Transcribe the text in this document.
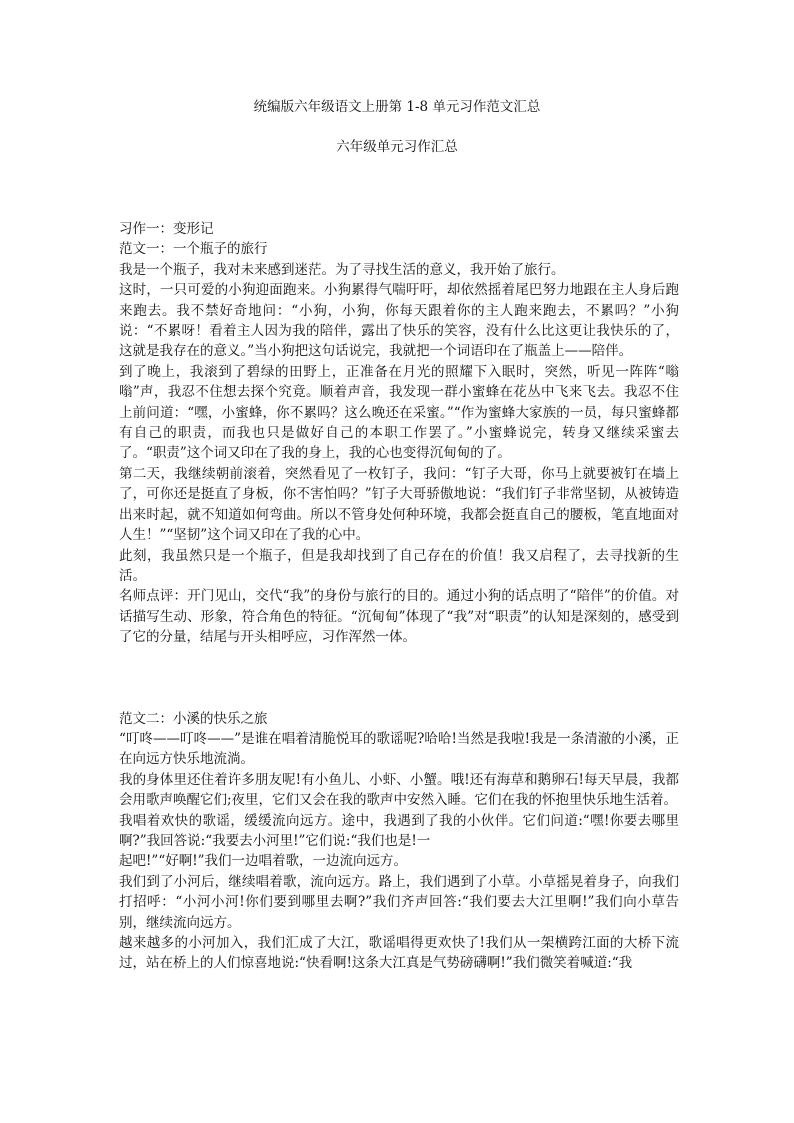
统编版六年级语文上册第 1-8 单元习作范文汇总
六年级单元习作汇总

习作一：变形记

范文一：一个瓶子的旅行

我是一个瓶子，我对未来感到迷茫。为了寻找生活的意义，我开始了旅行。

这时，一只可爱的小狗迎面跑来。小狗累得气喘吁吁，却依然摇着尾巴努力地跟在主人身后跑来跑去。我不禁好奇地问：“小狗，小狗，你每天跟着你的主人跑来跑去，不累吗？”小狗说：“不累呀！看着主人因为我的陪伴，露出了快乐的笑容，没有什么比这更让我快乐的了，这就是我存在的意义。”当小狗把这句话说完，我就把一个词语印在了瓶盖上——陪伴。

到了晚上，我滚到了碧绿的田野上，正准备在月光的照耀下入眠时，突然，听见一阵阵“嗡嗡”声，我忍不住想去探个究竟。顺着声音，我发现一群小蜜蜂在花丛中飞来飞去。我忍不住上前问道：“嘿，小蜜蜂，你不累吗？这么晚还在采蜜。”“作为蜜蜂大家族的一员，每只蜜蜂都有自己的职责，而我也只是做好自己的本职工作罢了。”小蜜蜂说完，转身又继续采蜜去了。“职责”这个词又印在了我的身上，我的心也变得沉甸甸的了。

第二天，我继续朝前滚着，突然看见了一枚钉子，我问：“钉子大哥，你马上就要被钉在墙上了，可你还是挺直了身板，你不害怕吗？”钉子大哥骄傲地说：“我们钉子非常坚韧，从被铸造出来时起，就不知道如何弯曲。所以不管身处何种环境，我都会挺直自己的腰板，笔直地面对人生！”“坚韧”这个词又印在了我的心中。

此刻，我虽然只是一个瓶子，但是我却找到了自己存在的价值！我又启程了，去寻找新的生活。

名师点评：开门见山，交代“我”的身份与旅行的目的。通过小狗的话点明了“陪伴”的价值。对话描写生动、形象，符合角色的特征。“沉甸甸”体现了“我”对“职责”的认知是深刻的，感受到了它的分量，结尾与开头相呼应，习作浑然一体。

范文二：小溪的快乐之旅

“叮咚——叮咚——”是谁在唱着清脆悦耳的歌谣呢?哈哈!当然是我啦!我是一条清澈的小溪，正在向远方快乐地流淌。

我的身体里还住着许多朋友呢!有小鱼儿、小虾、小蟹。哦!还有海草和鹅卵石!每天早晨，我都会用歌声唤醒它们;夜里，它们又会在我的歌声中安然入睡。它们在我的怀抱里快乐地生活着。

我唱着欢快的歌谣，缓缓流向远方。途中，我遇到了我的小伙伴。它们问道:“嘿!你要去哪里啊?”我回答说:“我要去小河里!”它们说:“我们也是!一

起吧!”“好啊!”我们一边唱着歌，一边流向远方。

我们到了小河后，继续唱着歌，流向远方。路上，我们遇到了小草。小草摇晃着身子，向我们打招呼：“小河小河!你们要到哪里去啊?”我们齐声回答:“我们要去大江里啊!”我们向小草告别，继续流向远方。

越来越多的小河加入，我们汇成了大江，歌谣唱得更欢快了!我们从一架横跨江面的大桥下流过，站在桥上的人们惊喜地说:“快看啊!这条大江真是气势磅礴啊!”我们微笑着喊道:“我
